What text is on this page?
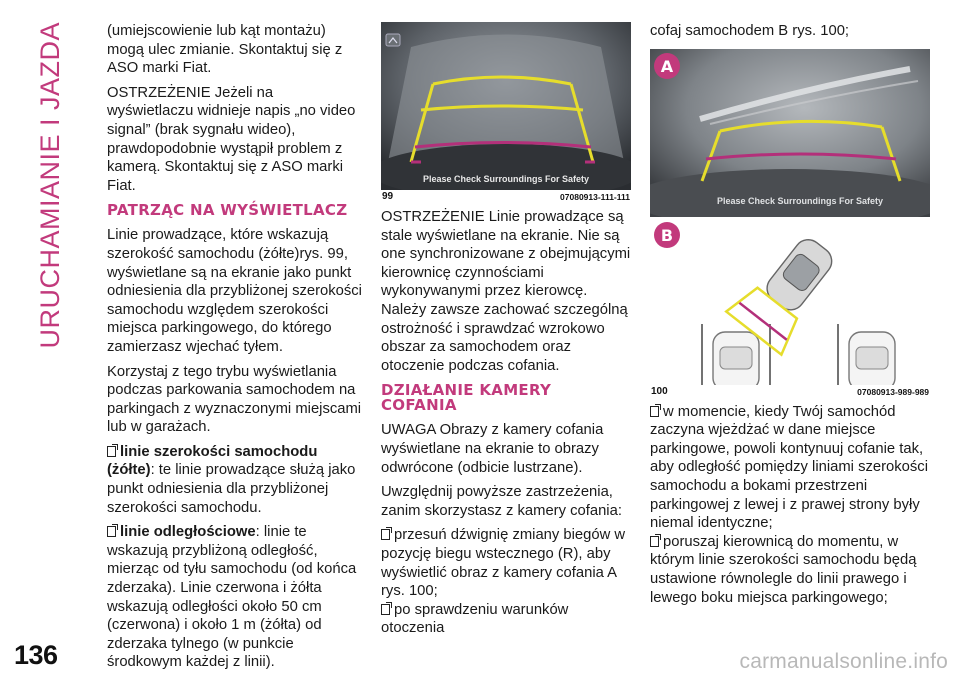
URUCHAMIANIE I JAZDA	(umiejscowienie lub kąt montażu) mogą ulec zmianie. Skontaktuj się z ASO marki Fiat.

OSTRZEŻENIE Jeżeli na wyświetlaczu widnieje napis „no video signal” (brak sygnału wideo), prawdopodobnie wystąpił problem z kamerą. Skontaktuj się z ASO marki Fiat.

PATRZĄC NA WYŚWIETLACZ

Linie prowadzące, które wskazują szerokość samochodu (żółte)rys. 99, wyświetlane są na ekranie jako punkt odniesienia dla przybliżonej szerokości samochodu względem szerokości miejsca parkingowego, do którego zamierzasz wjechać tyłem.

Korzystaj z tego trybu wyświetlania podczas parkowania samochodem na parkingach z wyznaczonymi miejscami lub w garażach.

linie szerokości samochodu (żółte): te linie prowadzące służą jako punkt odniesienia dla przybliżonej szerokości samochodu.

linie odległościowe: linie te wskazują przybliżoną odległość, mierząc od tyłu samochodu (od końca zderzaka). Linie czerwona i żółta wskazują odległości około 50 cm (czerwona) i około 1 m (żółta) od zderzaka tylnego (w punkcie środkowym każdej z linii).

Please Check Surroundings For Safety
99	07080913-111-111

OSTRZEŻENIE Linie prowadzące są stale wyświetlane na ekranie. Nie są one synchronizowane z obejmującymi kierownicę czynnościami wykonywanymi przez kierowcę. Należy zawsze zachować szczególną ostrożność i sprawdzać wzrokowo obszar za samochodem oraz otoczenie podczas cofania.

DZIAŁANIE KAMERY COFANIA

UWAGA Obrazy z kamery cofania wyświetlane na ekranie to obrazy odwrócone (odbicie lustrzane).

Uwzględnij powyższe zastrzeżenia, zanim skorzystasz z kamery cofania:

przesuń dźwignię zmiany biegów w pozycję biegu wstecznego (R), aby wyświetlić obraz z kamery cofania A rys. 100;

po sprawdzeniu warunków otoczenia

cofaj samochodem B rys. 100;

Please Check Surroundings For Safety
A
B
100	07080913-989-989

w momencie, kiedy Twój samochód zaczyna wjeżdżać w dane miejsce parkingowe, powoli kontynuuj cofanie tak, aby odległość pomiędzy liniami szerokości samochodu a bokami przestrzeni parkingowej z lewej i z prawej strony były niemal identyczne;

poruszaj kierownicą do momentu, w którym linie szerokości samochodu będą ustawione równolegle do linii prawego i lewego boku miejsca parkingowego;

136	carmanualsonline.info
